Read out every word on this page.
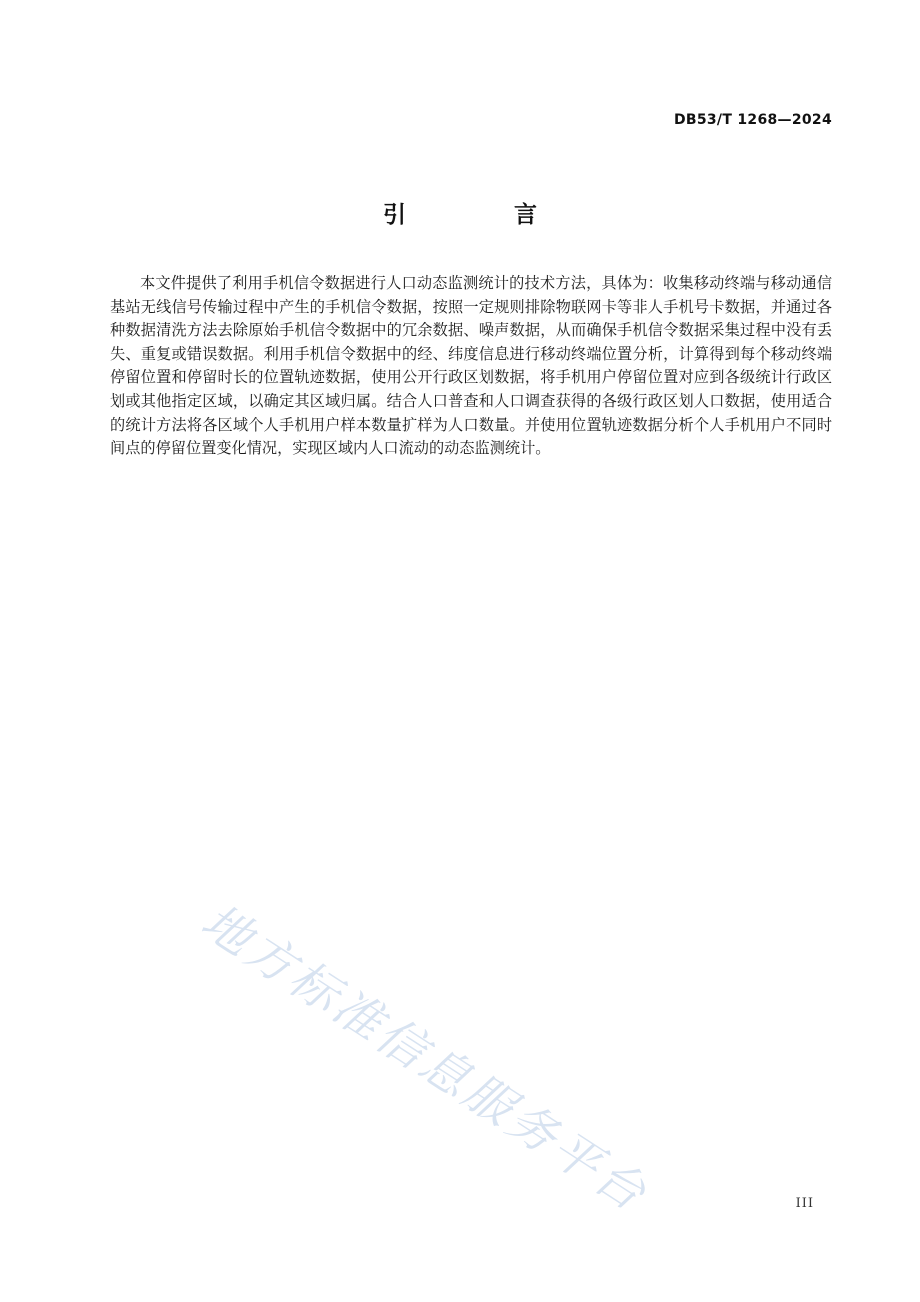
DB53/T 1268—2024
引 言

本文件提供了利用手机信令数据进行人口动态监测统计的技术方法，具体为：收集移动终端与移动通信基站无线信号传输过程中产生的手机信令数据，按照一定规则排除物联网卡等非人手机号卡数据，并通过各种数据清洗方法去除原始手机信令数据中的冗余数据、噪声数据，从而确保手机信令数据采集过程中没有丢失、重复或错误数据。利用手机信令数据中的经、纬度信息进行移动终端位置分析，计算得到每个移动终端停留位置和停留时长的位置轨迹数据，使用公开行政区划数据，将手机用户停留位置对应到各级统计行政区划或其他指定区域，以确定其区域归属。结合人口普查和人口调查获得的各级行政区划人口数据，使用适合的统计方法将各区域个人手机用户样本数量扩样为人口数量。并使用位置轨迹数据分析个人手机用户不同时间点的停留位置变化情况，实现区域内人口流动的动态监测统计。

地方标准信息服务平台	III
